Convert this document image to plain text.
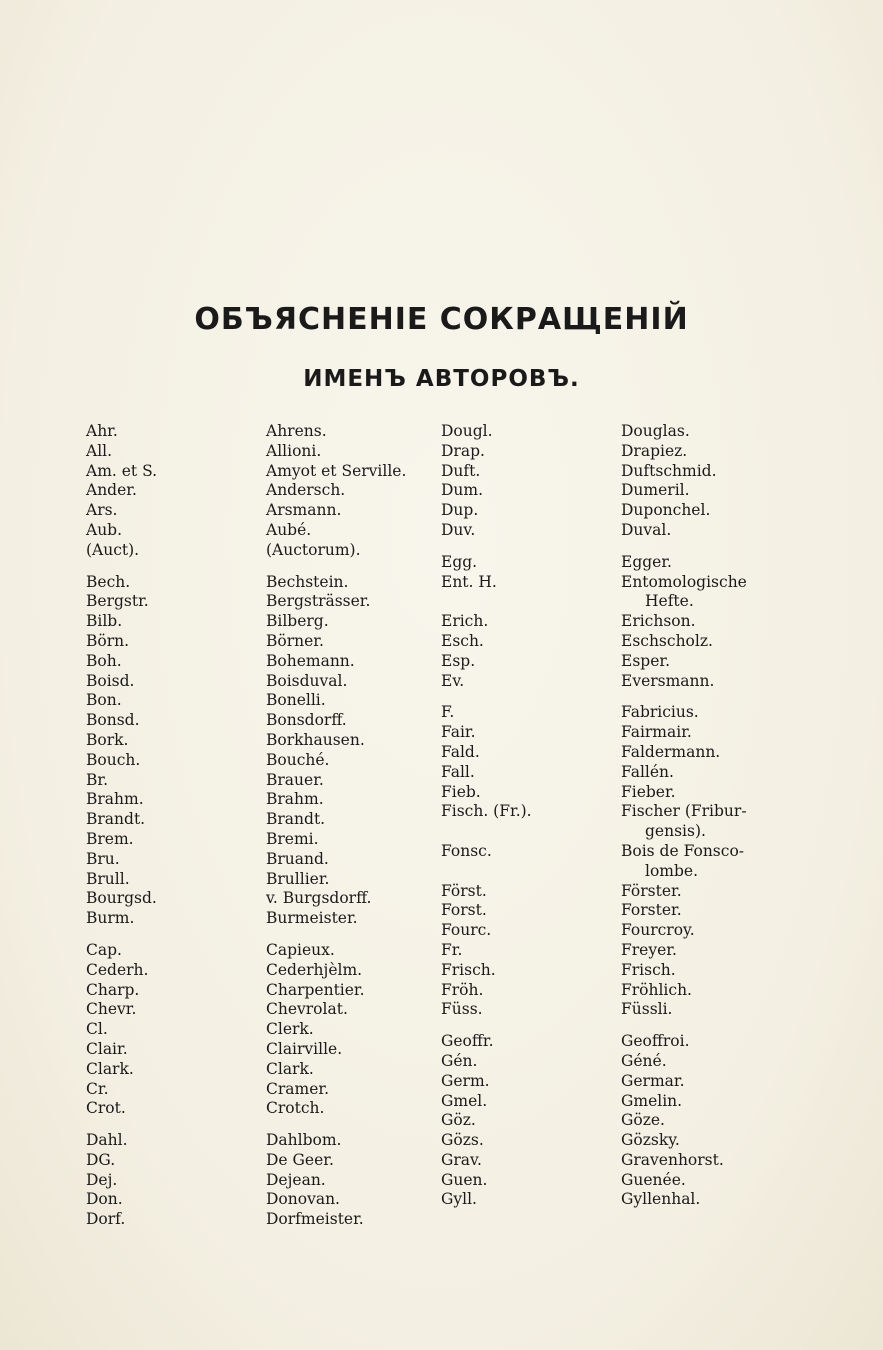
ОБЪЯСНЕНІЕ СОКРАЩЕНІЙ
ИМЕНЪ АВТОРОВЪ.
Ahr.
All.
Am. et S.
Ander.
Ars.
Aub.
(Auct).
Bech.
Bergstr.
Bilb.
Börn.
Boh.
Boisd.
Bon.
Bonsd.
Bork.
Bouch.
Br.
Brahm.
Brandt.
Brem.
Bru.
Brull.
Bourgsd.
Burm.
Cap.
Cederh.
Charp.
Chevr.
Cl.
Clair.
Clark.
Cr.
Crot.
Dahl.
DG.
Dej.
Don.
Dorf.
Ahrens.
Allioni.
Amyot et Serville.
Andersch.
Arsmann.
Aubé.
(Auctorum).
Bechstein.
Bergsträsser.
Bilberg.
Börner.
Bohemann.
Boisduval.
Bonelli.
Bonsdorff.
Borkhausen.
Bouché.
Brauer.
Brahm.
Brandt.
Bremi.
Bruand.
Brullier.
v. Burgsdorff.
Burmeister.
Capieux.
Cederhjèlm.
Charpentier.
Chevrolat.
Clerk.
Clairville.
Clark.
Cramer.
Crotch.
Dahlbom.
De Geer.
Dejean.
Donovan.
Dorfmeister.
Dougl.
Drap.
Duft.
Dum.
Dup.
Duv.
Egg.
Ent. H.
Erich.
Esch.
Esp.
Ev.
F.
Fair.
Fald.
Fall.
Fieb.
Fisch. (Fr.).
Fonsc.
Först.
Forst.
Fourc.
Fr.
Frisch.
Fröh.
Füss.
Geoffr.
Gén.
Germ.
Gmel.
Göz.
Gözs.
Grav.
Guen.
Gyll.
Douglas.
Drapiez.
Duftschmid.
Dumeril.
Duponchel.
Duval.
Egger.
Entomologische
Hefte.
Erichson.
Eschscholz.
Esper.
Eversmann.
Fabricius.
Fairmair.
Faldermann.
Fallén.
Fieber.
Fischer (Fribur-
gensis).
Bois de Fonsco-
lombe.
Förster.
Forster.
Fourcroy.
Freyer.
Frisch.
Fröhlich.
Füssli.
Geoffroi.
Géné.
Germar.
Gmelin.
Göze.
Gözsky.
Gravenhorst.
Guenée.
Gyllenhal.
